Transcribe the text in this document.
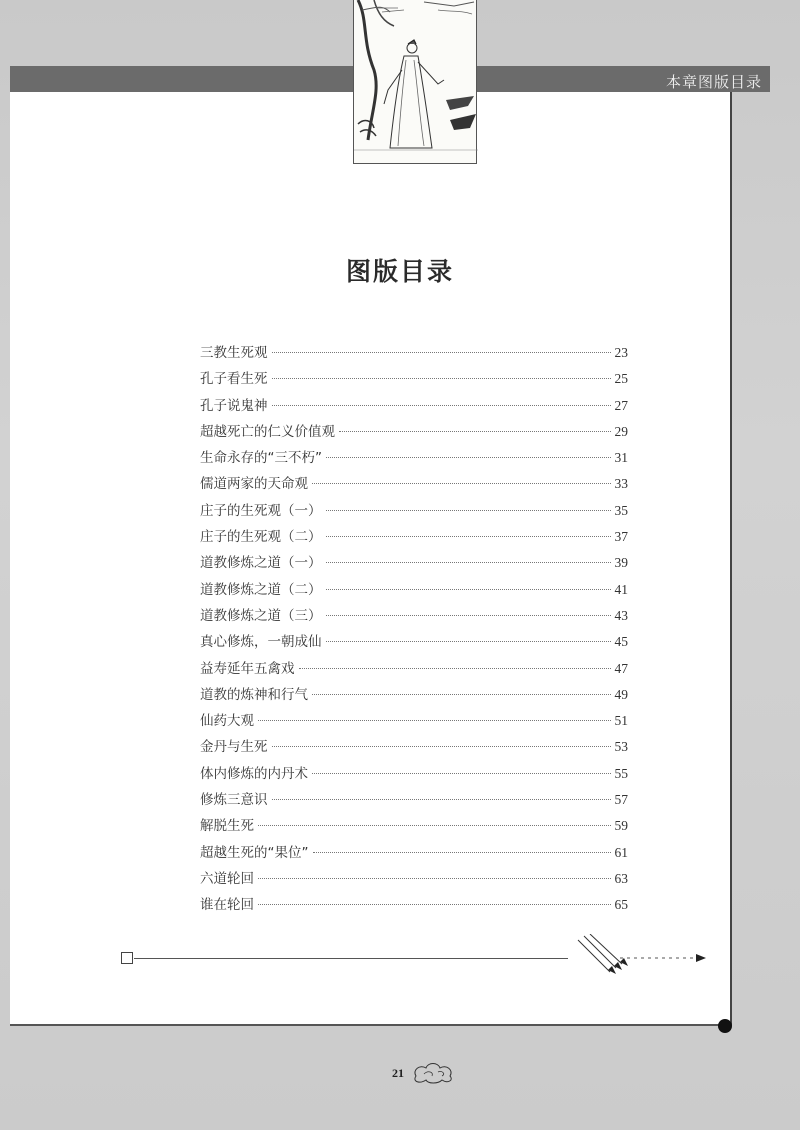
本章图版目录
图版目录
三教生死观	23
孔子看生死	25
孔子说鬼神	27
超越死亡的仁义价值观	29
生命永存的“三不朽”	31
儒道两家的天命观	33
庄子的生死观（一）	35
庄子的生死观（二）	37
道教修炼之道（一）	39
道教修炼之道（二）	41
道教修炼之道（三）	43
真心修炼，一朝成仙	45
益寿延年五禽戏	47
道教的炼神和行气	49
仙药大观	51
金丹与生死	53
体内修炼的内丹术	55
修炼三意识	57
解脱生死	59
超越生死的“果位”	61
六道轮回	63
谁在轮回	65
21
